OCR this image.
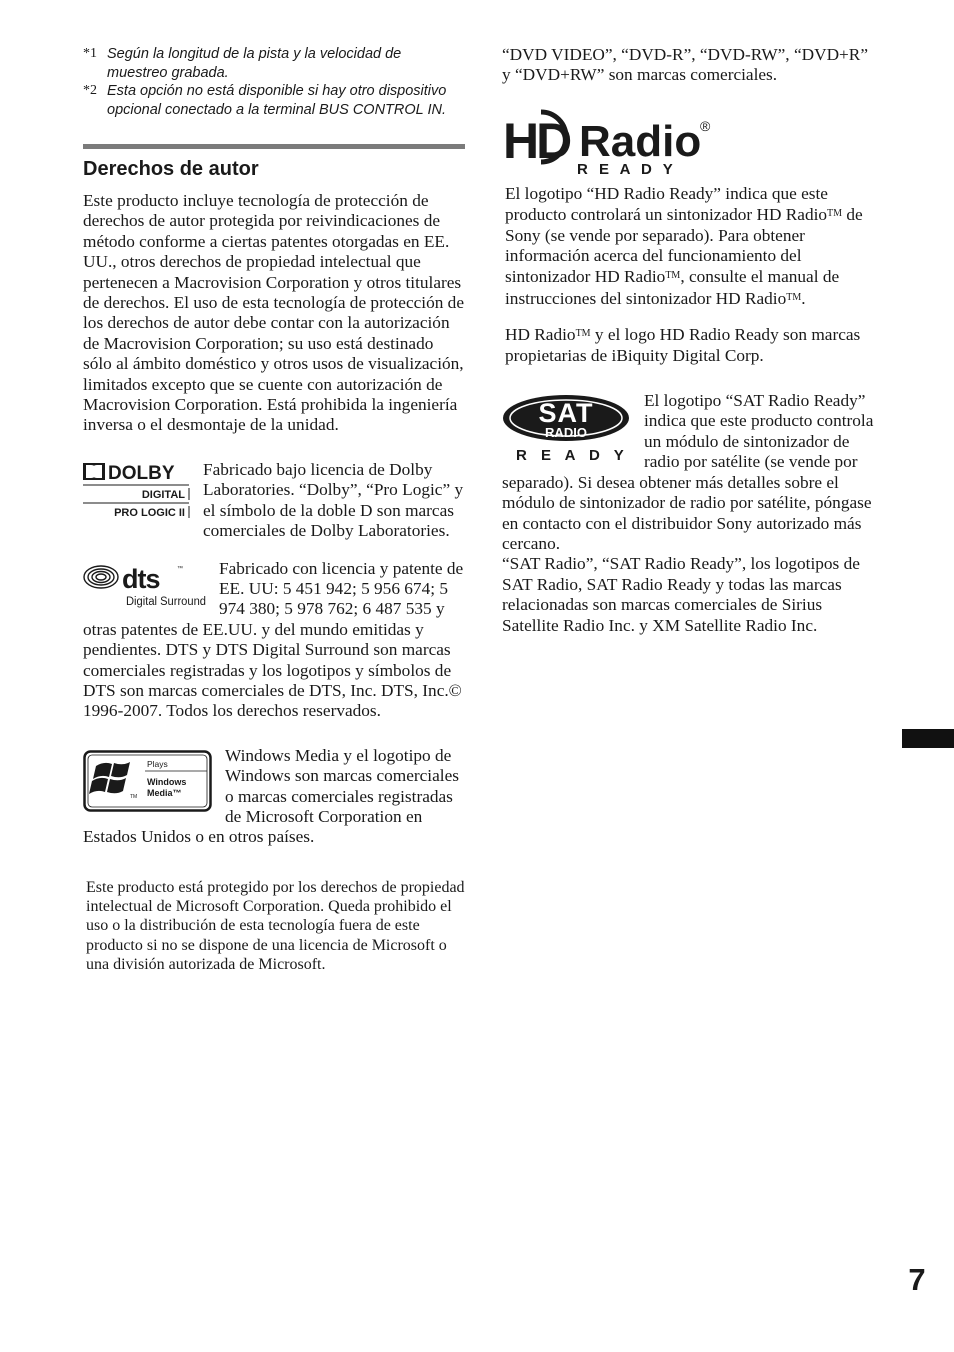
*1 Según la longitud de la pista y la velocidad de muestreo grabada.
*2 Esta opción no está disponible si hay otro dispositivo opcional conectado a la terminal BUS CONTROL IN.
Derechos de autor

Este producto incluye tecnología de protección de derechos de autor protegida por reivindicaciones de método conforme a ciertas patentes otorgadas en EE. UU., otros derechos de propiedad intelectual que pertenecen a Macrovision Corporation y otros titulares de derechos. El uso de esta tecnología de protección de los derechos de autor debe contar con la autorización de Macrovision Corporation; su uso está destinado sólo al ámbito doméstico y otros usos de visualización, limitados excepto que se cuente con autorización de Macrovision Corporation. Está prohibida la ingeniería inversa o el desmontaje de la unidad.

DOLBY
DIGITAL
PRO LOGIC II

Fabricado bajo licencia de Dolby Laboratories. “Dolby”, “Pro Logic” y el símbolo de la doble D son marcas comerciales de Dolby Laboratories.

dts	™
Digital Surround

Fabricado con licencia y patente de EE. UU: 5 451 942; 5 956 674; 5 974 380; 5 978 762; 6 487 535 y otras patentes de EE.UU. y del mundo emitidas y pendientes. DTS y DTS Digital Surround son marcas comerciales registradas y los logotipos y símbolos de DTS son marcas comerciales de DTS, Inc. DTS, Inc.© 1996-2007. Todos los derechos reservados.

TM
Plays
Windows
Media™

Windows Media y el logotipo de Windows son marcas comerciales o marcas comerciales registradas de Microsoft Corporation en Estados Unidos o en otros países.

Este producto está protegido por los derechos de propiedad intelectual de Microsoft Corporation. Queda prohibido el uso o la distribución de esta tecnología fuera de este producto si no se dispone de una licencia de Microsoft o una división autorizada de Microsoft.

“DVD VIDEO”, “DVD-R”, “DVD-RW”, “DVD+R” y “DVD+RW” son marcas comerciales.

HD Radio
®
R E A D Y

El logotipo “HD Radio Ready” indica que este producto controlará un sintonizador HD Radio™ de Sony (se vende por separado). Para obtener información acerca del funcionamiento del sintonizador HD Radio™, consulte el manual de instrucciones del sintonizador HD Radio™.

HD Radio™ y el logo HD Radio Ready son marcas propietarias de iBiquity Digital Corp.

SAT
RADIO
R E A D Y

El logotipo “SAT Radio Ready” indica que este producto controla un módulo de sintonizador de radio por satélite (se vende por separado). Si desea obtener más detalles sobre el módulo de sintonizador de radio por satélite, póngase en contacto con el distribuidor Sony autorizado más cercano.

“SAT Radio”, “SAT Radio Ready”, los logotipos de SAT Radio, SAT Radio Ready y todas las marcas relacionadas son marcas comerciales de Sirius Satellite Radio Inc. y XM Satellite Radio Inc.

7
